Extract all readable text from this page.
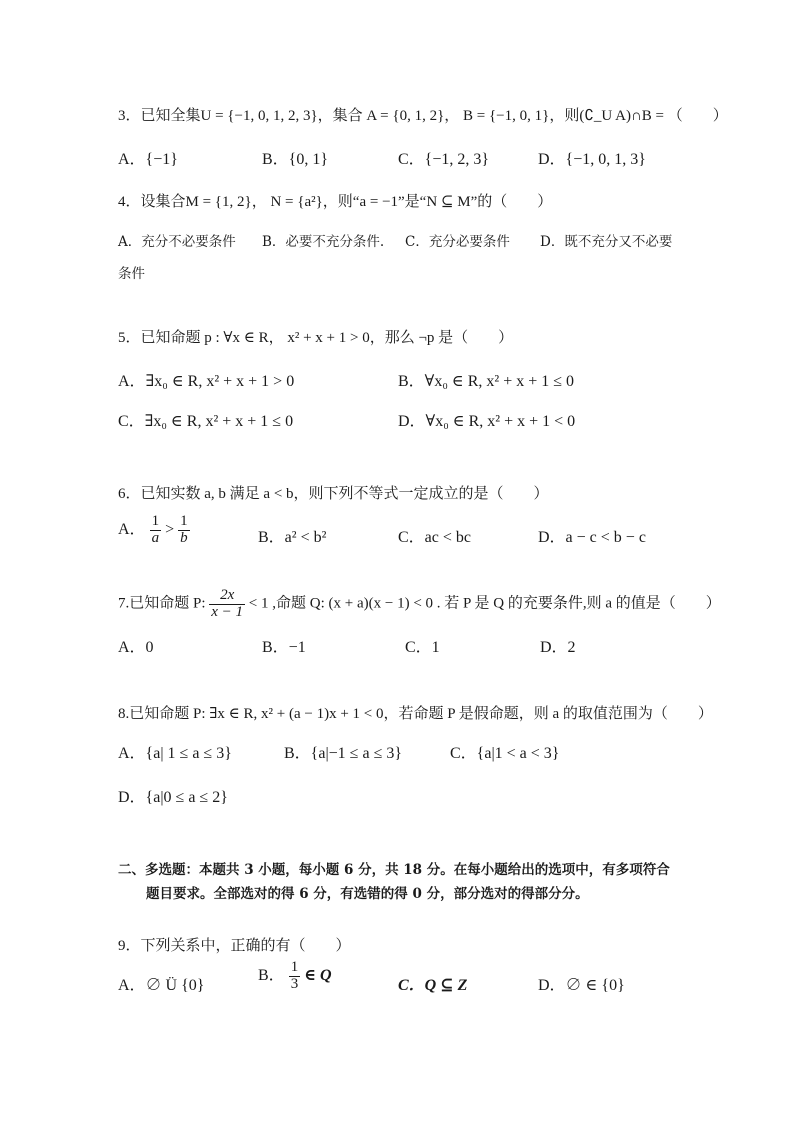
3．已知全集U = {−1, 0, 1, 2, 3}，集合 A = {0, 1, 2}， B = {−1, 0, 1}，则(∁_U A)∩B = （　　）
A．{−1}	B．{0, 1}	C．{−1, 2, 3}	D．{−1, 0, 1, 3}
4．设集合M = {1, 2}， N = {a²}，则“a = −1”是“N ⊆ M”的（　　）
A．充分不必要条件 B．必要不充分条件. C．充分必要条件 D．既不充分又不必要
条件
5．已知命题 p : ∀x ∈ R， x² + x + 1 > 0，那么 ¬p 是（　　）
A．∃x₀ ∈ R, x² + x + 1 > 0	B．∀x₀ ∈ R, x² + x + 1 ≤ 0
C．∃x₀ ∈ R, x² + x + 1 ≤ 0	D．∀x₀ ∈ R, x² + x + 1 < 0
6．已知实数 a, b 满足 a < b，则下列不等式一定成立的是（　　）
A． $\frac{1}{a} > \frac{1}{b}$	B．a² < b²	C．ac < bc	D．a − c < b − c
7.已知命题 P: $\frac{2x}{x - 1} < 1$ ,命题 Q: (x + a)(x − 1) < 0 . 若 P 是 Q 的充要条件,则 a 的值是（　　）
A．0	B．−1	C．1	D．2
8.已知命题 P: ∃x ∈ R, x² + (a − 1)x + 1 < 0，若命题 P 是假命题，则 a 的取值范围为（　　）
A．{a| 1 ≤ a ≤ 3}	B．{a|−1 ≤ a ≤ 3}	C．{a|1 < a < 3}
D．{a|0 ≤ a ≤ 2}
二、多选题：本题共 3 小题，每小题 6 分，共 18 分。在每小题给出的选项中，有多项符合
题目要求。全部选对的得 6 分，有选错的得 0 分，部分选对的得部分分。
9．下列关系中，正确的有（　　）
A．∅ Ü {0}
B． $\frac{1}{3}$ ∈ Q
C．Q ⊆ Z	D．∅ ∈ {0}
